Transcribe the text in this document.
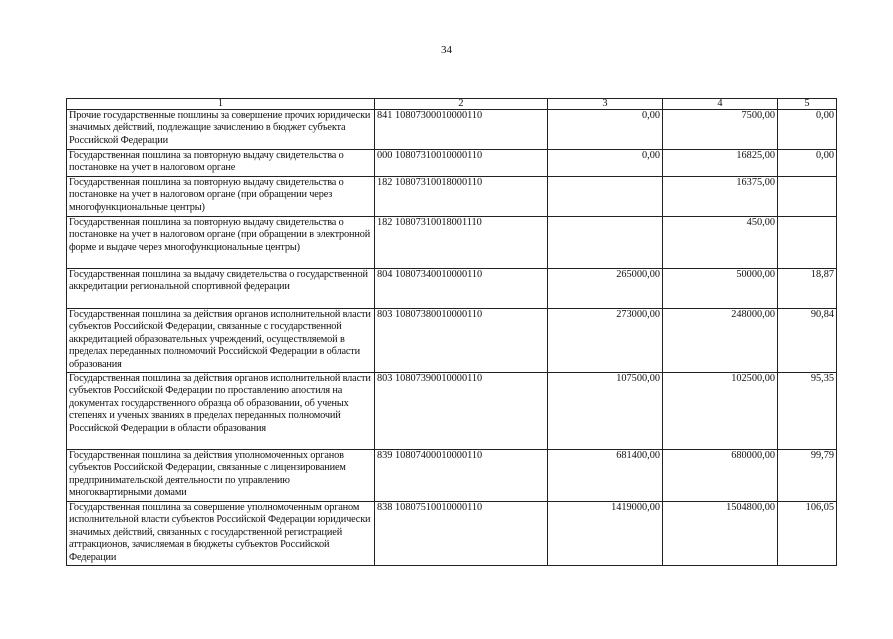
34
1	2	3	4	5
Прочие государственные пошлины за совершение прочих юридически значимых действий, подлежащие зачислению в бюджет субъекта Российской Федерации	841 10807300010000110	0,00	7500,00	0,00
Государственная пошлина за повторную выдачу свидетельства о постановке на учет в налоговом органе	000 10807310010000110	0,00	16825,00	0,00
Государственная пошлина за повторную выдачу свидетельства о постановке на учет в налоговом органе (при обращении через многофункциональные центры)	182 10807310018000110		16375,00	
Государственная пошлина за повторную выдачу свидетельства о постановке на учет в налоговом органе (при обращении в электронной форме и выдаче через многофункциональные центры)	182 10807310018001110		450,00	
Государственная пошлина за выдачу свидетельства о государственной аккредитации региональной спортивной федерации	804 10807340010000110	265000,00	50000,00	18,87
Государственная пошлина за действия органов исполнительной власти субъектов Российской Федерации, связанные с государственной аккредитацией образовательных учреждений, осуществляемой в пределах переданных полномочий Российской Федерации в области образования	803 10807380010000110	273000,00	248000,00	90,84
Государственная пошлина за действия органов исполнительной власти субъектов Российской Федерации по проставлению апостиля на документах государственного образца об образовании, об ученых степенях и ученых званиях в пределах переданных полномочий Российской Федерации в области образования	803 10807390010000110	107500,00	102500,00	95,35
Государственная пошлина за действия уполномоченных органов субъектов Российской Федерации, связанные с лицензированием предпринимательской деятельности по управлению многоквартирными домами	839 10807400010000110	681400,00	680000,00	99,79
Государственная пошлина за совершение уполномоченным органом исполнительной власти субъектов Российской Федерации юридически значимых действий, связанных с государственной регистрацией аттракционов, зачисляемая в бюджеты субъектов Российской Федерации	838 10807510010000110	1419000,00	1504800,00	106,05
